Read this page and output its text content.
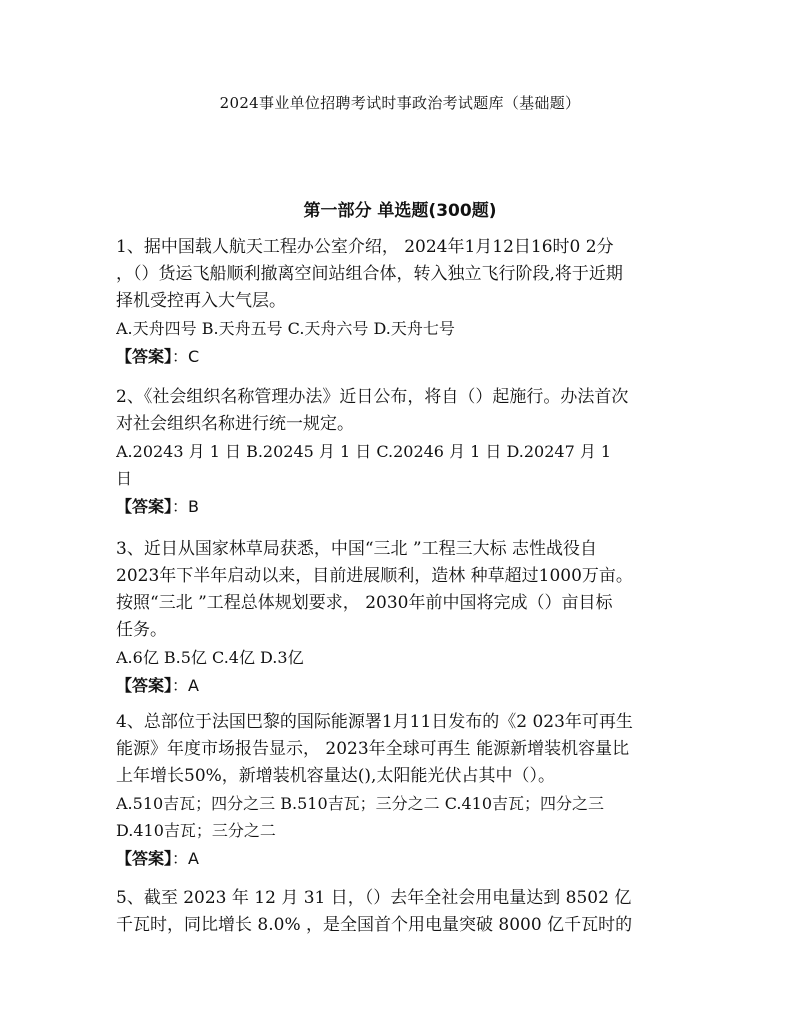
2024事业单位招聘考试时事政治考试题库（基础题）
第一部分 单选题(300题)
1、据中国载人航天工程办公室介绍， 2024年1月12日16时0 2分
，（）货运飞船顺利撤离空间站组合体，转入独立飞行阶段,将于近期
择机受控再入大气层。
A.天舟四号 B.天舟五号 C.天舟六号 D.天舟七号
【答案】：C
2、《社会组织名称管理办法》近日公布，将自（）起施行。办法首次
对社会组织名称进行统一规定。
A.20243 月 1 日 B.20245 月 1 日 C.20246 月 1 日 D.20247 月 1
日
【答案】：B
3、近日从国家林草局获悉，中国“三北 ”工程三大标 志性战役自
2023年下半年启动以来，目前进展顺利，造林 种草超过1000万亩。
按照“三北 ”工程总体规划要求， 2030年前中国将完成（）亩目标
任务。
A.6亿 B.5亿 C.4亿 D.3亿
【答案】：A
4、总部位于法国巴黎的国际能源署1月11日发布的《2 023年可再生
能源》年度市场报告显示， 2023年全球可再生 能源新增装机容量比
上年增长50%，新增装机容量达(),太阳能光伏占其中（）。
A.510吉瓦；四分之三 B.510吉瓦；三分之二 C.410吉瓦；四分之三
D.410吉瓦；三分之二
【答案】：A
5、截至 2023 年 12 月 31 日，（）去年全社会用电量达到 8502 亿
千瓦时，同比增长 8.0% ，是全国首个用电量突破 8000 亿千瓦时的
